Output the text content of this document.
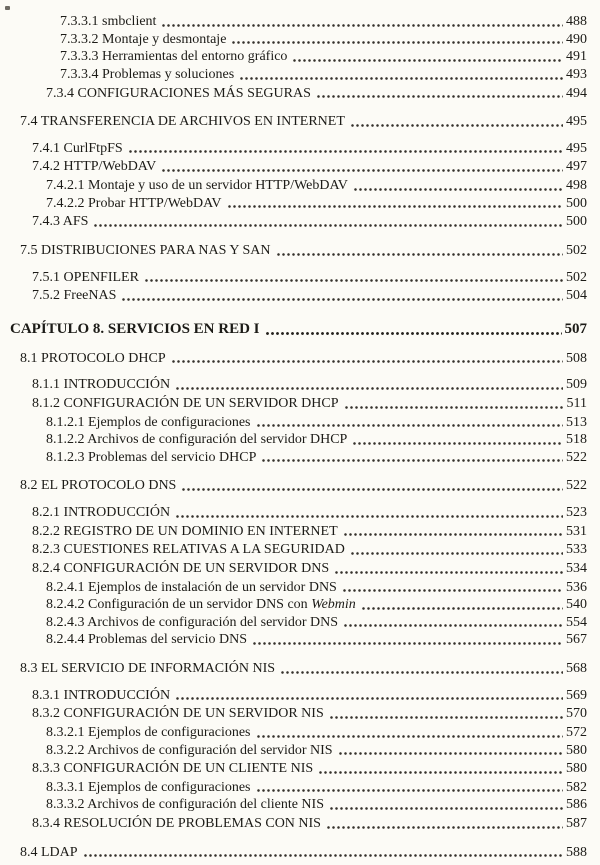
7.3.3.1 smbclient	488
7.3.3.2 Montaje y desmontaje	490
7.3.3.3 Herramientas del entorno gráfico	491
7.3.3.4 Problemas y soluciones	493
7.3.4 CONFIGURACIONES MÁS SEGURAS	494
7.4 TRANSFERENCIA DE ARCHIVOS EN INTERNET	495
7.4.1 CurlFtpFS	495
7.4.2 HTTP/WebDAV	497
7.4.2.1 Montaje y uso de un servidor HTTP/WebDAV	498
7.4.2.2 Probar HTTP/WebDAV	500
7.4.3 AFS	500
7.5 DISTRIBUCIONES PARA NAS Y SAN	502
7.5.1 OPENFILER	502
7.5.2 FreeNAS	504
CAPÍTULO 8. SERVICIOS EN RED I	507
8.1 PROTOCOLO DHCP	508
8.1.1 INTRODUCCIÓN	509
8.1.2 CONFIGURACIÓN DE UN SERVIDOR DHCP	511
8.1.2.1 Ejemplos de configuraciones	513
8.1.2.2 Archivos de configuración del servidor DHCP	518
8.1.2.3 Problemas del servicio DHCP	522
8.2 EL PROTOCOLO DNS	522
8.2.1 INTRODUCCIÓN	523
8.2.2 REGISTRO DE UN DOMINIO EN INTERNET	531
8.2.3 CUESTIONES RELATIVAS A LA SEGURIDAD	533
8.2.4 CONFIGURACIÓN DE UN SERVIDOR DNS	534
8.2.4.1 Ejemplos de instalación de un servidor DNS	536
8.2.4.2 Configuración de un servidor DNS con Webmin	540
8.2.4.3 Archivos de configuración del servidor DNS	554
8.2.4.4 Problemas del servicio DNS	567
8.3 EL SERVICIO DE INFORMACIÓN NIS	568
8.3.1 INTRODUCCIÓN	569
8.3.2 CONFIGURACIÓN DE UN SERVIDOR NIS	570
8.3.2.1 Ejemplos de configuraciones	572
8.3.2.2 Archivos de configuración del servidor NIS	580
8.3.3 CONFIGURACIÓN DE UN CLIENTE NIS	580
8.3.3.1 Ejemplos de configuraciones	582
8.3.3.2 Archivos de configuración del cliente NIS	586
8.3.4 RESOLUCIÓN DE PROBLEMAS CON NIS	587
8.4 LDAP	588
